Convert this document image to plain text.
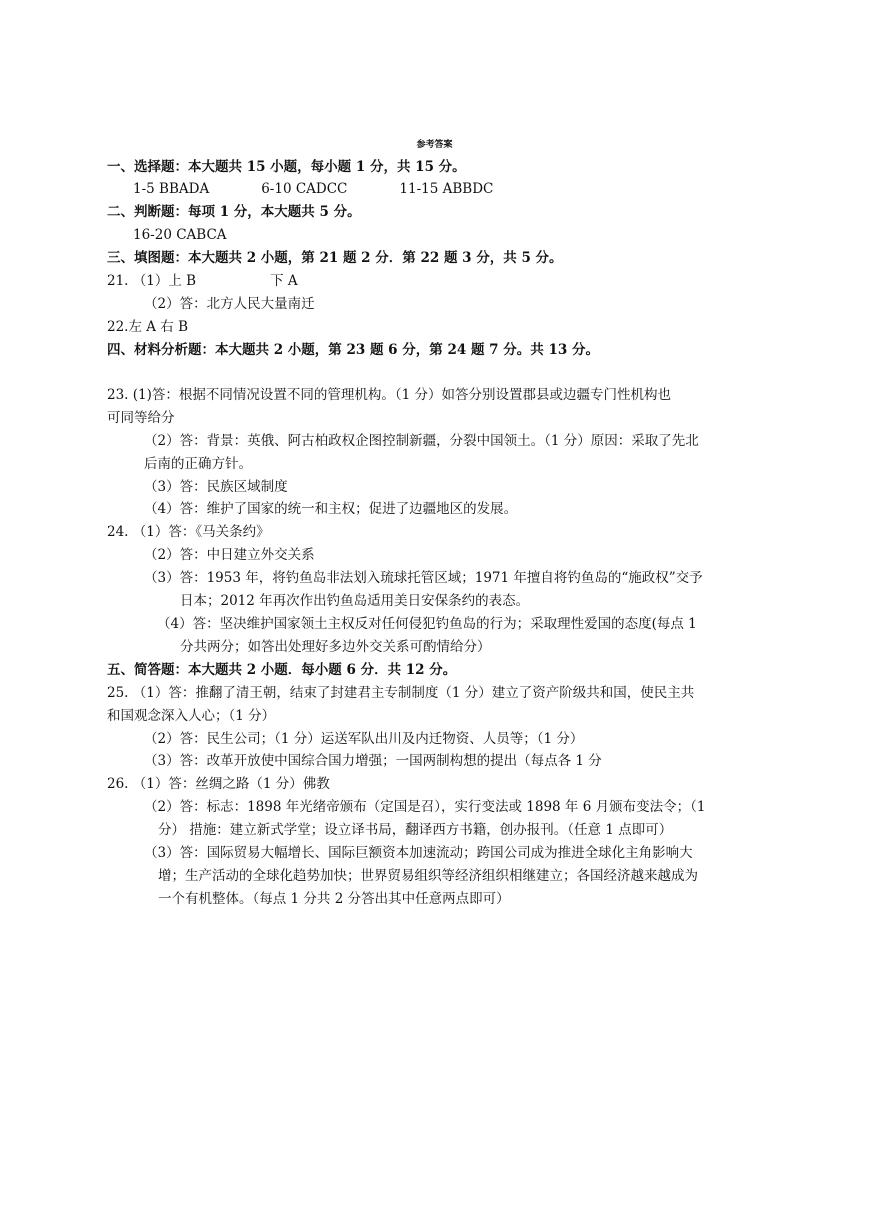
参考答案
一、选择题：本大题共 15 小题，每小题 1 分，共 15 分。
1-5 BBADA	6-10 CADCC	11-15 ABBDC
二、判断题：每项 1 分，本大题共 5 分。
16-20 CABCA
三、填图题：本大题共 2 小题，第 21 题 2 分．第 22 题 3 分，共 5 分。
21. （1）上 B	下 A
（2）答：北方人民大量南迁
22.左 A 右 B
四、材料分析题：本大题共 2 小题，第 23 题 6 分，第 24 题 7 分。共 13 分。
23. (1)答：根据不同情况设置不同的管理机构。（1 分）如答分别设置郡县或边疆专门性机构也
可同等给分
（2）答：背景：英俄、阿古柏政权企图控制新疆，分裂中国领土。（1 分）原因：采取了先北
后南的正确方针。
（3）答：民族区域制度
（4）答：维护了国家的统一和主权；促进了边疆地区的发展。
24. （1）答：《马关条约》
（2）答：中日建立外交关系
（3）答：1953 年，将钓鱼岛非法划入琉球托管区域；1971 年擅自将钓鱼岛的“施政权”交予
日本；2012 年再次作出钓鱼岛适用美日安保条约的表态。
（4）答：坚决维护国家领土主权反对任何侵犯钓鱼岛的行为；采取理性爱国的态度(每点 1
分共两分；如答出处理好多边外交关系可酌情给分）
五、简答题：本大题共 2 小题．每小题 6 分．共 12 分。
25. （1）答：推翻了清王朝，结束了封建君主专制制度（1 分）建立了资产阶级共和国，使民主共
和国观念深入人心；（1 分）
（2）答：民生公司；（1 分）运送军队出川及内迁物资、人员等；（1 分）
（3）答：改革开放使中国综合国力增强；一国两制构想的提出（每点各 1 分
26. （1）答：丝绸之路（1 分）佛教
（2）答：标志：1898 年光绪帝颁布（定国是召），实行变法或 1898 年 6 月颁布变法令；（1
分） 措施：建立新式学堂；设立译书局，翻译西方书籍，创办报刊。（任意 1 点即可）
（3）答：国际贸易大幅增长、国际巨额资本加速流动；跨国公司成为推进全球化主角影响大
增；生产活动的全球化趋势加快；世界贸易组织等经济组织相继建立；各国经济越来越成为
一个有机整体。（每点 1 分共 2 分答出其中任意两点即可）
